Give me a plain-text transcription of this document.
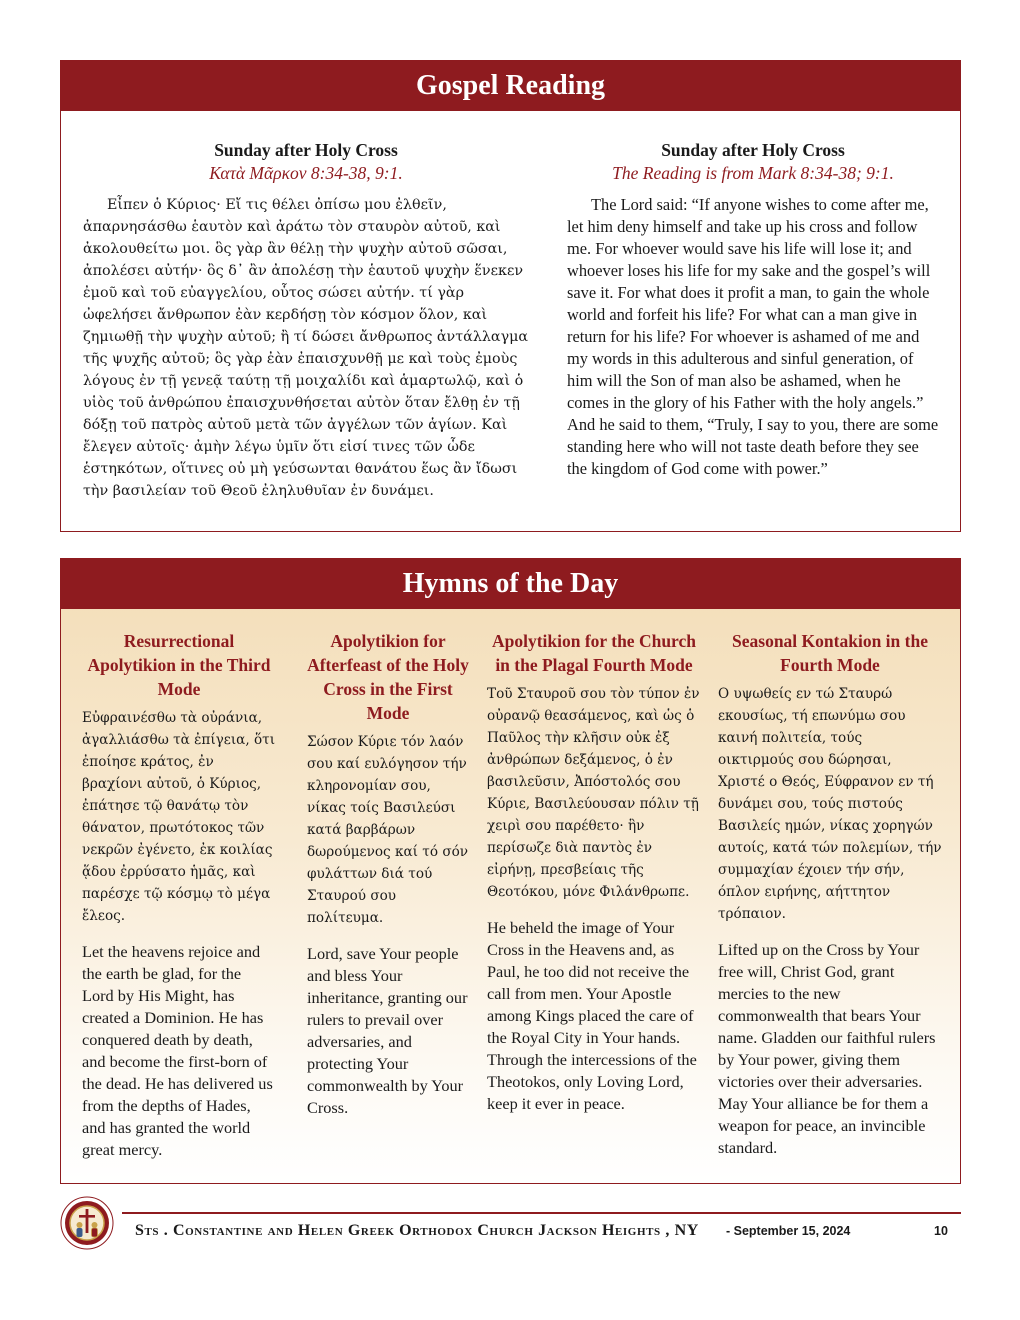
Gospel Reading
Sunday after Holy Cross
Κατὰ Μᾶρκον 8:34-38, 9:1.

Εἶπεν ὁ Κύριος· Εἴ τις θέλει ὀπίσω μου ἐλθεῖν, ἀπαρνησάσθω ἑαυτὸν καὶ ἀράτω τὸν σταυρὸν αὐτοῦ, καὶ ἀκολουθείτω μοι. ὃς γὰρ ἂν θέλῃ τὴν ψυχὴν αὐτοῦ σῶσαι, ἀπολέσει αὐτήν· ὃς δ᾽ ἂν ἀπολέσῃ τὴν ἑαυτοῦ ψυχὴν ἕνεκεν ἐμοῦ καὶ τοῦ εὐαγγελίου, οὗτος σώσει αὐτήν. τί γὰρ ὠφελήσει ἄνθρωπον ἐὰν κερδήσῃ τὸν κόσμον ὅλον, καὶ ζημιωθῇ τὴν ψυχὴν αὐτοῦ; ἢ τί δώσει ἄνθρωπος ἀντάλλαγμα τῆς ψυχῆς αὐτοῦ; ὃς γὰρ ἐὰν ἐπαισχυνθῇ με καὶ τοὺς ἐμοὺς λόγους ἐν τῇ γενεᾷ ταύτῃ τῇ μοιχαλίδι καὶ ἁμαρτωλῷ, καὶ ὁ υἱὸς τοῦ ἀνθρώπου ἐπαισχυνθήσεται αὐτὸν ὅταν ἔλθῃ ἐν τῇ δόξῃ τοῦ πατρὸς αὐτοῦ μετὰ τῶν ἀγγέλων τῶν ἁγίων. Καὶ ἔλεγεν αὐτοῖς· ἀμὴν λέγω ὑμῖν ὅτι εἰσί τινες τῶν ὧδε ἑστηκότων, οἵτινες οὐ μὴ γεύσωνται θανάτου ἕως ἂν ἴδωσι τὴν βασιλείαν τοῦ Θεοῦ ἐληλυθυῖαν ἐν δυνάμει.

Sunday after Holy Cross
The Reading is from Mark 8:34-38; 9:1.

The Lord said: “If anyone wishes to come after me, let him deny himself and take up his cross and follow me. For whoever would save his life will lose it; and whoever loses his life for my sake and the gospel’s will save it. For what does it profit a man, to gain the whole world and forfeit his life? For what can a man give in return for his life? For whoever is ashamed of me and my words in this adulterous and sinful generation, of him will the Son of man also be ashamed, when he comes in the glory of his Father with the holy angels.” And he said to them, “Truly, I say to you, there are some standing here who will not taste death before they see the kingdom of God come with power.”

Hymns of the Day
Resurrectional Apolytikion in the Third Mode

Εὐφραινέσθω τὰ οὐράνια, ἀγαλλιάσθω τὰ ἐπίγεια, ὅτι ἐποίησε κράτος, ἐν βραχίονι αὐτοῦ, ὁ Κύριος, ἐπάτησε τῷ θανάτῳ τὸν θάνατον, πρωτότοκος τῶν νεκρῶν ἐγένετο, ἐκ κοιλίας ᾅδου ἐρρύσατο ἡμᾶς, καὶ παρέσχε τῷ κόσμῳ τὸ μέγα ἔλεος.

Let the heavens rejoice and the earth be glad, for the Lord by His Might, has created a Dominion. He has conquered death by death, and become the first-born of the dead. He has delivered us from the depths of Hades, and has granted the world great mercy.

Apolytikion for Afterfeast of the Holy Cross in the First Mode

Σώσον Κύριε τόν λαόν σου καί ευλόγησον τήν κληρονομίαν σου, νίκας τοίς Βασιλεύσι κατά βαρβάρων δωρούμενος καί τό σόν φυλάττων διά τού Σταυρού σου πολίτευμα.

Lord, save Your people and bless Your inheritance, granting our rulers to prevail over adversaries, and protecting Your commonwealth by Your Cross.

Apolytikion for the Church in the Plagal Fourth Mode

Τοῦ Σταυροῦ σου τὸν τύπον ἐν οὐρανῷ θεασάμενος, καὶ ὡς ὁ Παῦλος τὴν κλῆσιν οὐκ ἐξ ἀνθρώπων δεξάμενος, ὁ ἐν βασιλεῦσιν, Ἀπόστολός σου Κύριε, Βασιλεύουσαν πόλιν τῇ χειρὶ σου παρέθετο· ἣν περίσωζε διὰ παντὸς ἐν εἰρήνῃ, πρεσβείαις τῆς Θεοτόκου, μόνε Φιλάνθρωπε.

He beheld the image of Your Cross in the Heavens and, as Paul, he too did not receive the call from men. Your Apostle among Kings placed the care of the Royal City in Your hands. Through the intercessions of the Theotokos, only Loving Lord, keep it ever in peace.

Seasonal Kontakion in the Fourth Mode

Ο υψωθείς εν τώ Σταυρώ εκουσίως, τή επωνύμω σου καινή πολιτεία, τούς οικτιρμούς σου δώρησαι, Χριστέ ο Θεός, Εύφρανον εν τή δυνάμει σου, τούς πιστούς Βασιλείς ημών, νίκας χορηγών αυτοίς, κατά τών πολεμίων, τήν συμμαχίαν έχοιεν τήν σήν, όπλον ειρήνης, αήττητον τρόπαιον.

Lifted up on the Cross by Your free will, Christ God, grant mercies to the new commonwealth that bears Your name. Gladden our faithful rulers by Your power, giving them victories over their adversaries. May Your alliance be for them a weapon for peace, an invincible standard.

Sts . Constantine and Helen Greek Orthodox Church Jackson Heights , NY - September 15, 2024	10
